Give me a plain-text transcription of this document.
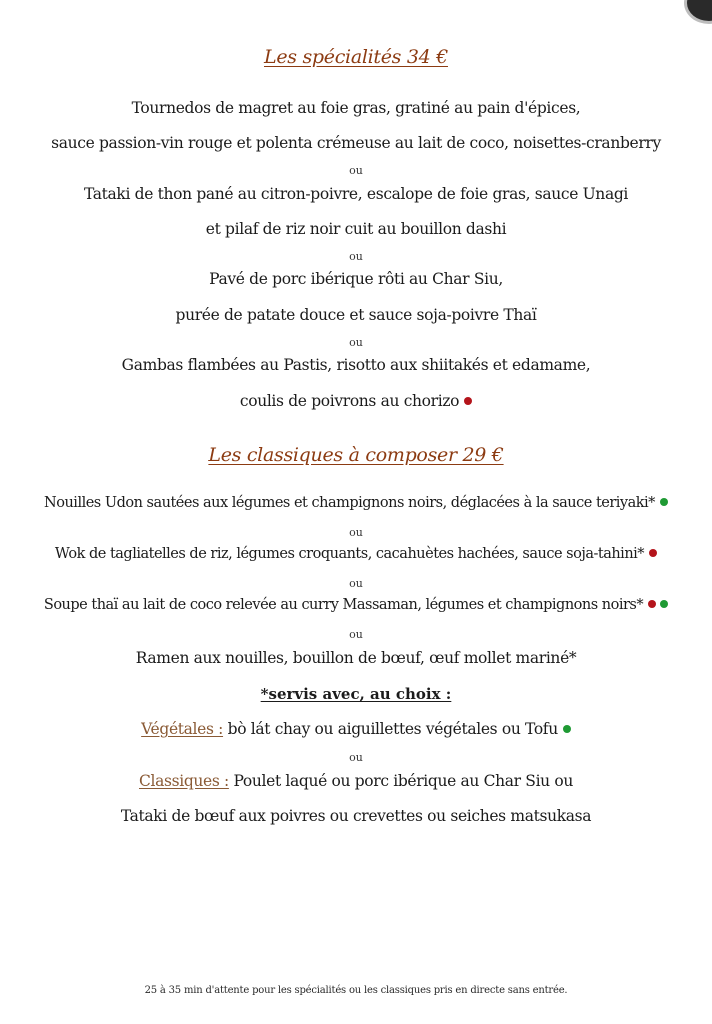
Les spécialités 34 €
Tournedos de magret au foie gras, gratiné au pain d'épices,
sauce passion-vin rouge et polenta crémeuse au lait de coco, noisettes-cranberry
ou
Tataki de thon pané au citron-poivre, escalope de foie gras, sauce Unagi
et pilaf de riz noir cuit au bouillon dashi
ou
Pavé de porc ibérique rôti au Char Siu,
purée de patate douce et sauce soja-poivre Thaï
ou
Gambas flambées au Pastis, risotto aux shiitakés et edamame,
coulis de poivrons au chorizo
Les classiques à composer 29 €
Nouilles Udon sautées aux légumes et champignons noirs, déglacées à la sauce teriyaki*
ou
Wok de tagliatelles de riz, légumes croquants, cacahuètes hachées, sauce soja-tahini*
ou
Soupe thaï au lait de coco relevée au curry Massaman, légumes et champignons noirs*
ou
Ramen aux nouilles, bouillon de bœuf, œuf mollet mariné*
*servis avec, au choix :
Végétales : bò lát chay ou aiguillettes végétales ou Tofu
ou
Classiques : Poulet laqué ou porc ibérique au Char Siu ou
Tataki de bœuf aux poivres ou crevettes ou seiches matsukasa
25 à 35 min d'attente pour les spécialités ou les classiques pris en directe sans entrée.
